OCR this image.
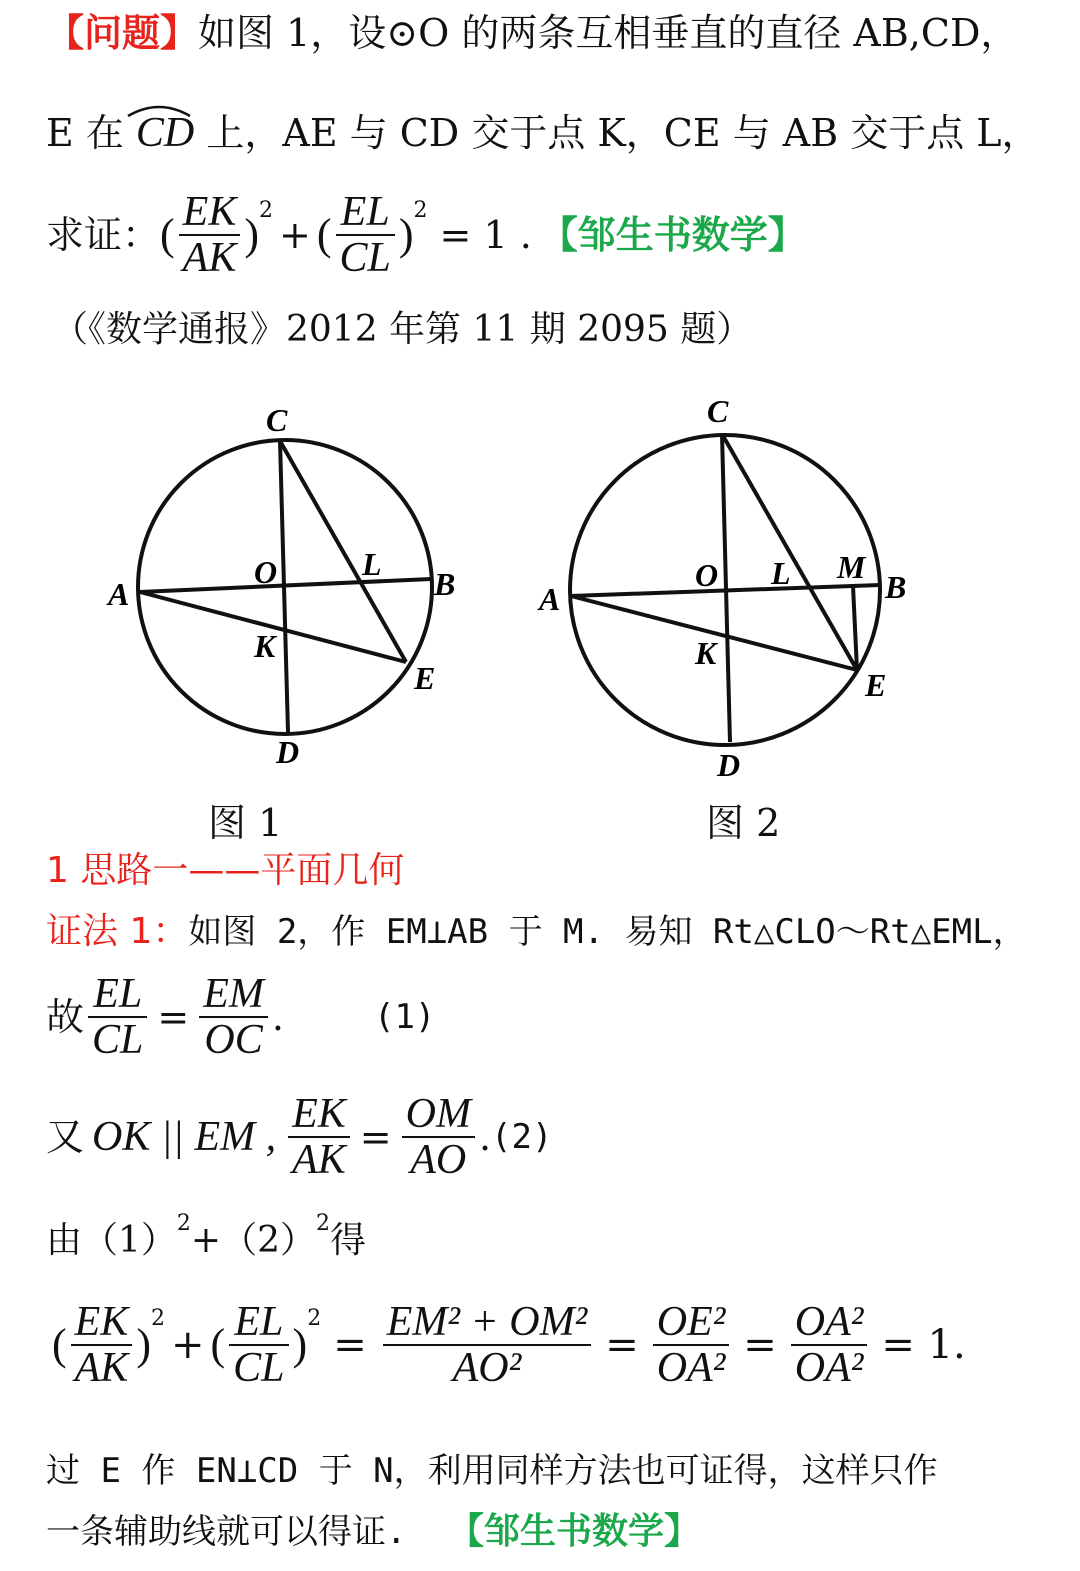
【问题】如图 1，设⊙O 的两条互相垂直的直径 AB,CD，
E 在 CD 上，AE 与 CD 交于点 K，CE 与 AB 交于点 L，
求证： ( $\frac{EK}{AK}$ ) 2
+ ( $\frac{EL}{CL}$ ) 2
= 1 . 【邹生书数学】
（《数学通报》2012 年第 11 期 2095 题）
C
O	L
B
A
K
E
D
图 1
C
O L M
B
A
K
E
D
图 2
1 思路一——平面几何
证法 1：如图 2，作 EM⊥AB 于 M. 易知 Rt△CLO～Rt△EML，
故 $\frac{EL}{CL} = \frac{EM}{OC}$ .	(1)
又 OK || EM , $\frac{EK}{AK} = \frac{OM}{AO}$ . (2)
由$(1)^2+(2)^2$得
( $\frac{EK}{AK}$ )
2
+ ( $\frac{EL}{CL}$ )
2
= $\frac{\text{EM² + OM²}}{\text{AO²}} = \frac{\text{OE²}}{\text{OA²}} = \frac{\text{OA²}}{\text{OA²}} = 1$.
过 E 作 EN⊥CD 于 N，利用同样方法也可证得，这样只作
一条辅助线就可以得证. 【邹生书数学】
